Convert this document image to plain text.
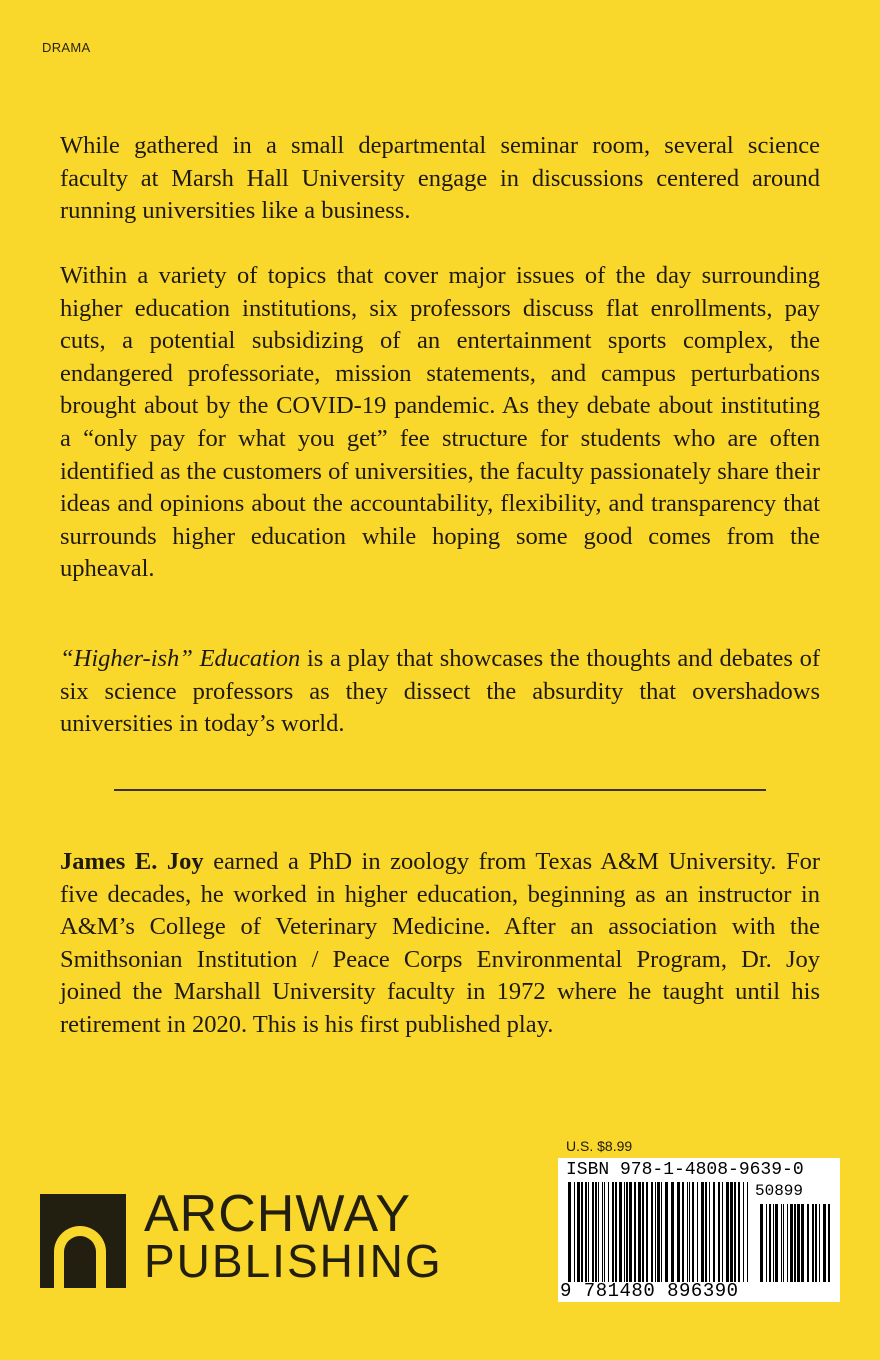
DRAMA

While gathered in a small departmental seminar room, several science faculty at Marsh Hall University engage in discussions centered around running universities like a business.

Within a variety of topics that cover major issues of the day surrounding higher education institutions, six professors discuss flat enrollments, pay cuts, a potential subsidizing of an entertainment sports complex, the endangered professoriate, mission statements, and campus perturbations brought about by the COVID-19 pandemic. As they debate about instituting a “only pay for what you get” fee structure for students who are often identified as the customers of universities, the faculty passionately share their ideas and opinions about the accountability, flexibility, and transparency that surrounds higher education while hoping some good comes from the upheaval.

“Higher-ish” Education is a play that showcases the thoughts and debates of six science professors as they dissect the absurdity that overshadows universities in today’s world.

James E. Joy earned a PhD in zoology from Texas A&M University. For five decades, he worked in higher education, beginning as an instructor in A&M’s College of Veterinary Medicine. After an association with the Smithsonian Institution / Peace Corps Environmental Program, Dr. Joy joined the Marshall University faculty in 1972 where he taught until his retirement in 2020. This is his first published play.

ARCHWAY
PUBLISHING
U.S. $8.99
ISBN 978-1-4808-9639-0
50899
9 781480 896390
